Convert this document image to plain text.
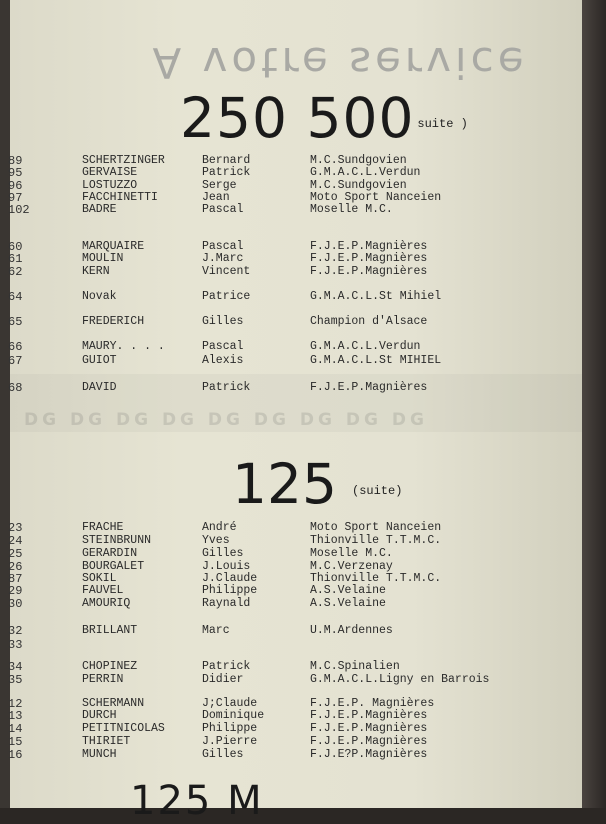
DG DG DG DG DG DG DG DG DG
A votre service
250 500
( suite )
89	SCHERTZINGER	Bernard	M.C.Sundgovien
95	GERVAISE	Patrick	G.M.A.C.L.Verdun
96	LOSTUZZO	Serge	M.C.Sundgovien
97	FACCHINETTI	Jean	Moto Sport Nanceien
102	BADRE	Pascal	Moselle M.C.
60	MARQUAIRE	Pascal	F.J.E.P.Magnières
61	MOULIN	J.Marc	F.J.E.P.Magnières
62	KERN	Vincent	F.J.E.P.Magnières
64	Novak	Patrice	G.M.A.C.L.St Mihiel
65	FREDERICH	Gilles	Champion d'Alsace
66	MAURY. . . .	Pascal	G.M.A.C.L.Verdun
67	GUIOT	Alexis	G.M.A.C.L.St MIHIEL
68	DAVID	Patrick	F.J.E.P.Magnières
125 (suite)
23	FRACHE	André	Moto Sport Nanceien
24	STEINBRUNN	Yves	Thionville T.T.M.C.
25	GERARDIN	Gilles	Moselle M.C.
26	BOURGALET	J.Louis	M.C.Verzenay
87	SOKIL	J.Claude	Thionville T.T.M.C.
29	FAUVEL	Philippe	A.S.Velaine
30	AMOURIQ	Raynald	A.S.Velaine
32	BRILLANT	Marc	U.M.Ardennes
33
34	CHOPINEZ	Patrick	M.C.Spinalien
35	PERRIN	Didier	G.M.A.C.L.Ligny en Barrois
12	SCHERMANN	J;Claude	F.J.E.P. Magnières
13	DURCH	Dominique	F.J.E.P.Magnières
14	PETITNICOLAS	Philippe	F.J.E.P.Magnières
15	THIRIET	J.Pierre	F.J.E.P.Magnières
16	MUNCH	Gilles	F.J.E?P.Magnières
125 M
